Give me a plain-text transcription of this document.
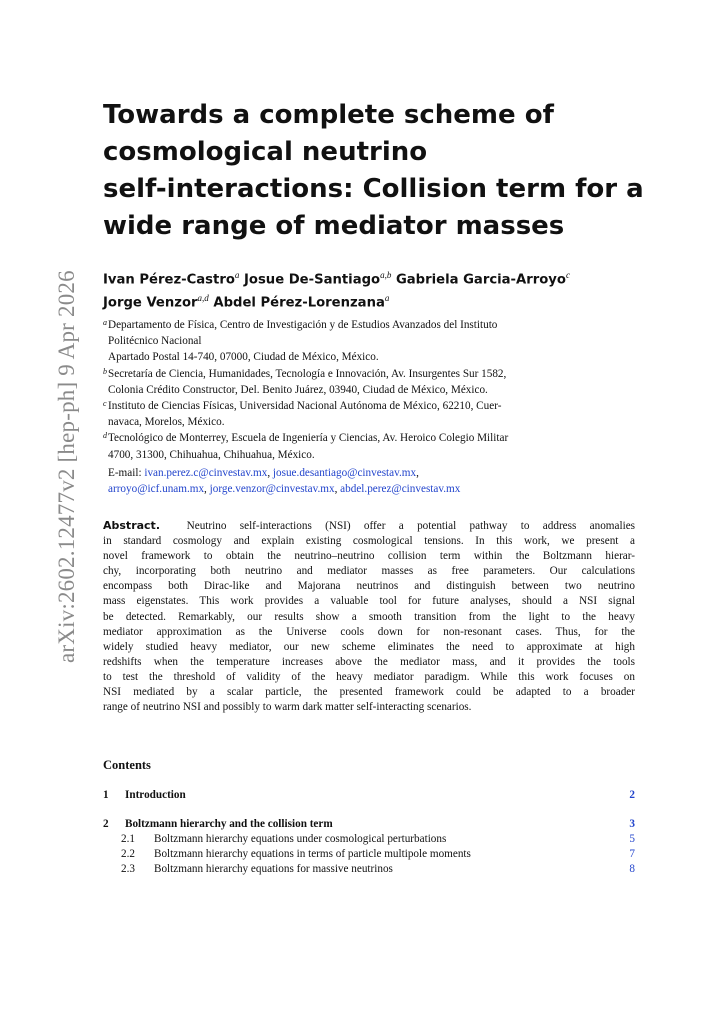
arXiv:2602.12477v2 [hep-ph] 9 Apr 2026
Towards a complete scheme of
cosmological neutrino
self-interactions: Collision term for a
wide range of mediator masses
Ivan Pérez-Castro$^a$ Josue De-Santiago$^{a,b}$ Gabriela Garcia-Arroyo$^c$
Jorge Venzor$^{a,d}$ Abdel Pérez-Lorenzana$^a$
a Departamento de Física, Centro de Investigación y de Estudios Avanzados del Instituto
Politécnico Nacional
Apartado Postal 14-740, 07000, Ciudad de México, México.
b Secretaría de Ciencia, Humanidades, Tecnología e Innovación, Av. Insurgentes Sur 1582,
Colonia Crédito Constructor, Del. Benito Juárez, 03940, Ciudad de México, México.
c Instituto de Ciencias Físicas, Universidad Nacional Autónoma de México, 62210, Cuer-
navaca, Morelos, México.
d Tecnológico de Monterrey, Escuela de Ingeniería y Ciencias, Av. Heroico Colegio Militar
4700, 31300, Chihuahua, Chihuahua, México.
E-mail: ivan.perez.c@cinvestav.mx, josue.desantiago@cinvestav.mx,
arroyo@icf.unam.mx, jorge.venzor@cinvestav.mx, abdel.perez@cinvestav.mx
Abstract. Neutrino self-interactions (NSI) offer a potential pathway to address anomalies
in standard cosmology and explain existing cosmological tensions. In this work, we present a
novel framework to obtain the neutrino–neutrino collision term within the Boltzmann hierar-
chy, incorporating both neutrino and mediator masses as free parameters. Our calculations
encompass both Dirac-like and Majorana neutrinos and distinguish between two neutrino
mass eigenstates. This work provides a valuable tool for future analyses, should a NSI signal
be detected. Remarkably, our results show a smooth transition from the light to the heavy
mediator approximation as the Universe cools down for non-resonant cases. Thus, for the
widely studied heavy mediator, our new scheme eliminates the need to approximate at high
redshifts when the temperature increases above the mediator mass, and it provides the tools
to test the threshold of validity of the heavy mediator paradigm. While this work focuses on
NSI mediated by a scalar particle, the presented framework could be adapted to a broader
range of neutrino NSI and possibly to warm dark matter self-interacting scenarios.
Contents
1 Introduction	2
2 Boltzmann hierarchy and the collision term	3
2.1 Boltzmann hierarchy equations under cosmological perturbations	5
2.2 Boltzmann hierarchy equations in terms of particle multipole moments	7
2.3 Boltzmann hierarchy equations for massive neutrinos	8
